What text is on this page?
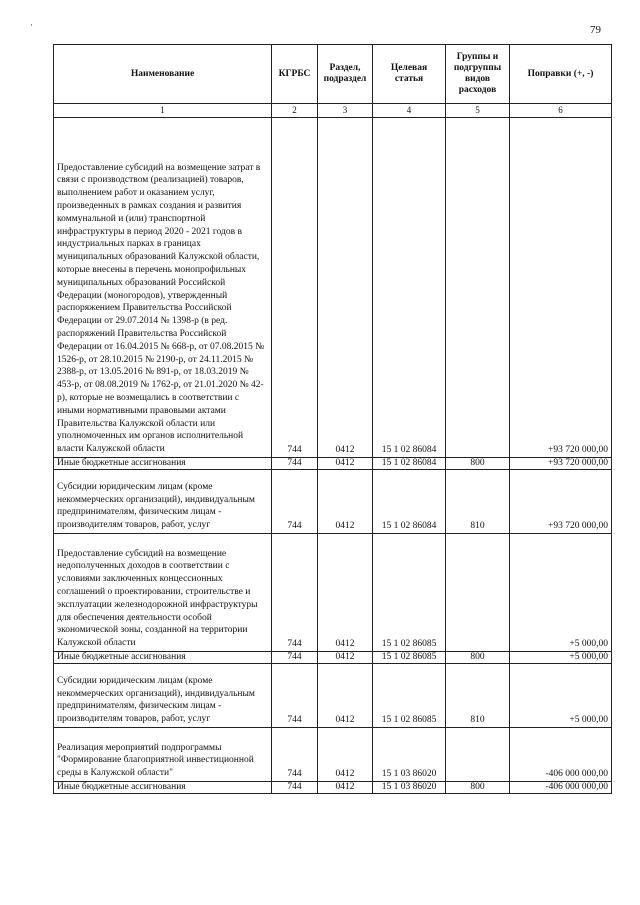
·	79
Наименование	КГРБС	Раздел, подраздел	Целевая статья	Группы и подгруппы видов расходов	Поправки (+, -)
1	2	3	4	5	6
Предоставление субсидий на возмещение затрат в связи с производством (реализацией) товаров, выполнением работ и оказанием услуг, произведенных в рамках создания и развития коммунальной и (или) транспортной инфраструктуры в период 2020 - 2021 годов в индустриальных парках в границах муниципальных образований Калужской области, которые внесены в перечень монопрофильных муниципальных образований Российской Федерации (моногородов), утвержденный распоряжением Правительства Российской Федерации от 29.07.2014 № 1398-р (в ред. распоряжений Правительства Российской Федерации от 16.04.2015 № 668-р, от 07.08.2015 № 1526-р, от 28.10.2015 № 2190-р, от 24.11.2015 № 2388-р, от 13.05.2016 № 891-р, от 18.03.2019 № 453-р, от 08.08.2019 № 1762-р, от 21.01.2020 № 42-р), которые не возмещались в соответствии с иными нормативными правовыми актами Правительства Калужской области или уполномоченных им органов исполнительной власти Калужской области	744	0412	15 1 02 86084		+93 720 000,00
Иные бюджетные ассигнования	744	0412	15 1 02 86084	800	+93 720 000,00
Субсидии юридическим лицам (кроме некоммерческих организаций), индивидуальным предпринимателям, физическим лицам - производителям товаров, работ, услуг	744	0412	15 1 02 86084	810	+93 720 000,00

Предоставление субсидий на возмещение недополученных доходов в соответствии с условиями заключенных концессионных соглашений о проектировании, строительстве и эксплуатации железнодорожной инфраструктуры для обеспечения деятельности особой экономической зоны, созданной на территории Калужской области	744	0412	15 1 02 86085		+5 000,00
Иные бюджетные ассигнования	744	0412	15 1 02 86085	800	+5 000,00
Субсидии юридическим лицам (кроме некоммерческих организаций), индивидуальным предпринимателям, физическим лицам - производителям товаров, работ, услуг	744	0412	15 1 02 86085	810	+5 000,00

Реализация мероприятий подпрограммы "Формирование благоприятной инвестиционной среды в Калужской области"	744	0412	15 1 03 86020		-406 000 000,00
Иные бюджетные ассигнования	744	0412	15 1 03 86020	800	-406 000 000,00
